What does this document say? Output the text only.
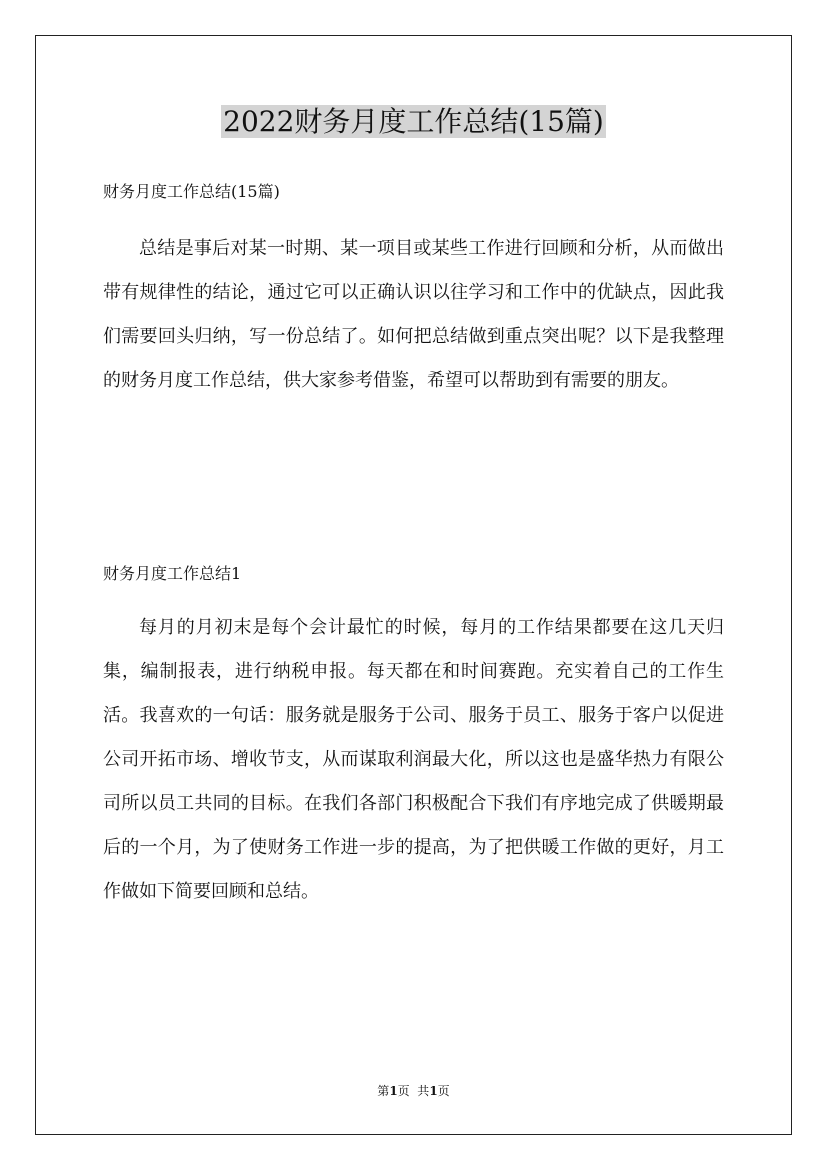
2022财务月度工作总结(15篇)
财务月度工作总结(15篇)

总结是事后对某一时期、某一项目或某些工作进行回顾和分析，从而做出带有规律性的结论，通过它可以正确认识以往学习和工作中的优缺点，因此我们需要回头归纳，写一份总结了。如何把总结做到重点突出呢？以下是我整理的财务月度工作总结，供大家参考借鉴，希望可以帮助到有需要的朋友。

财务月度工作总结1

每月的月初末是每个会计最忙的时候，每月的工作结果都要在这几天归集，编制报表，进行纳税申报。每天都在和时间赛跑。充实着自己的工作生活。我喜欢的一句话：服务就是服务于公司、服务于员工、服务于客户以促进公司开拓市场、增收节支，从而谋取利润最大化，所以这也是盛华热力有限公司所以员工共同的目标。在我们各部门积极配合下我们有序地完成了供暖期最后的一个月，为了使财务工作进一步的提高，为了把供暖工作做的更好，月工作做如下简要回顾和总结。

第1页  共1页
